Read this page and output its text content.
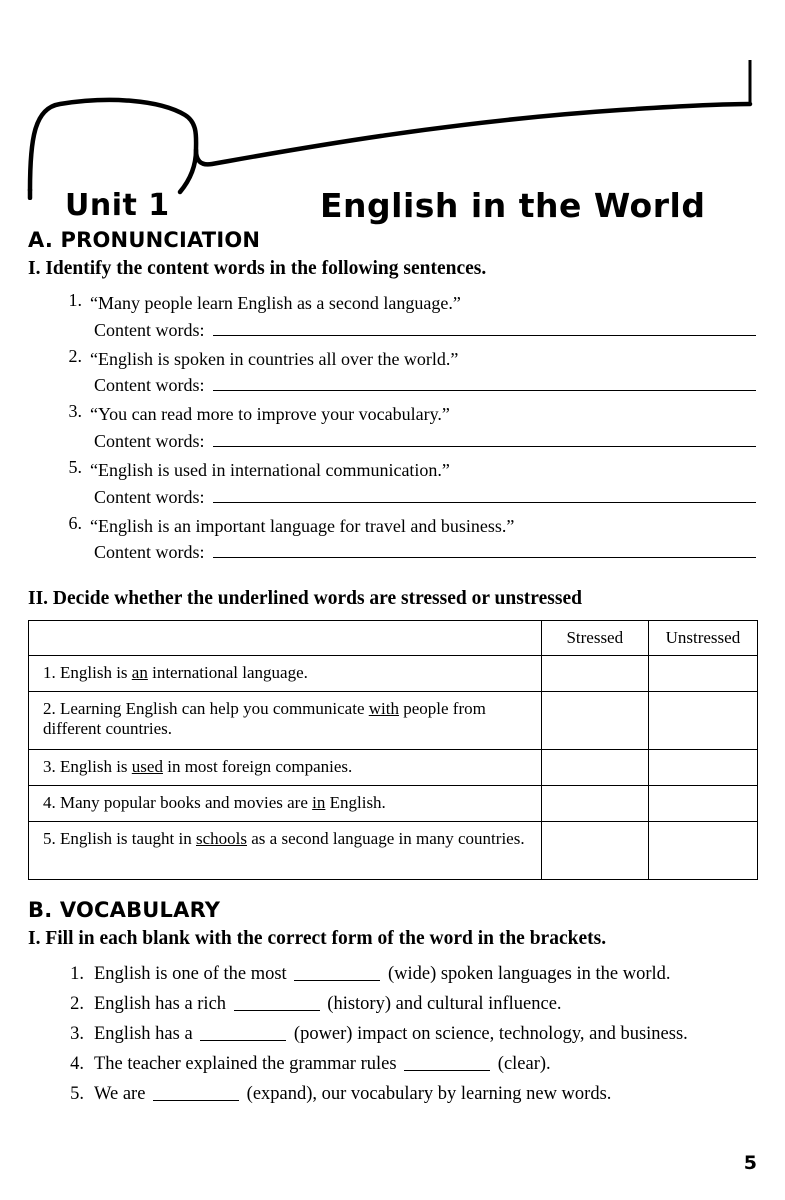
Unit 1	English in the World
A. PRONUNCIATION
I. Identify the content words in the following sentences.
1. “Many people learn English as a second language.”
Content words:
2. “English is spoken in countries all over the world.”
Content words:
3. “You can read more to improve your vocabulary.”
Content words:
5. “English is used in international communication.”
Content words:
6. “English is an important language for travel and business.”
Content words:
II. Decide whether the underlined words are stressed or unstressed
	Stressed	Unstressed
1. English is an international language.		
2. Learning English can help you communicate with people from different countries.		
3. English is used in most foreign companies.		
4. Many popular books and movies are in English.		
5. English is taught in schools as a second language in many countries.		
B. VOCABULARY
I. Fill in each blank with the correct form of the word in the brackets.
1. English is one of the most	(wide) spoken languages in the world.
2. English has a rich	(history) and cultural influence.
3. English has a	(power) impact on science, technology, and business.
4. The teacher explained the grammar rules	(clear).
5. We are	(expand), our vocabulary by learning new words.
5
